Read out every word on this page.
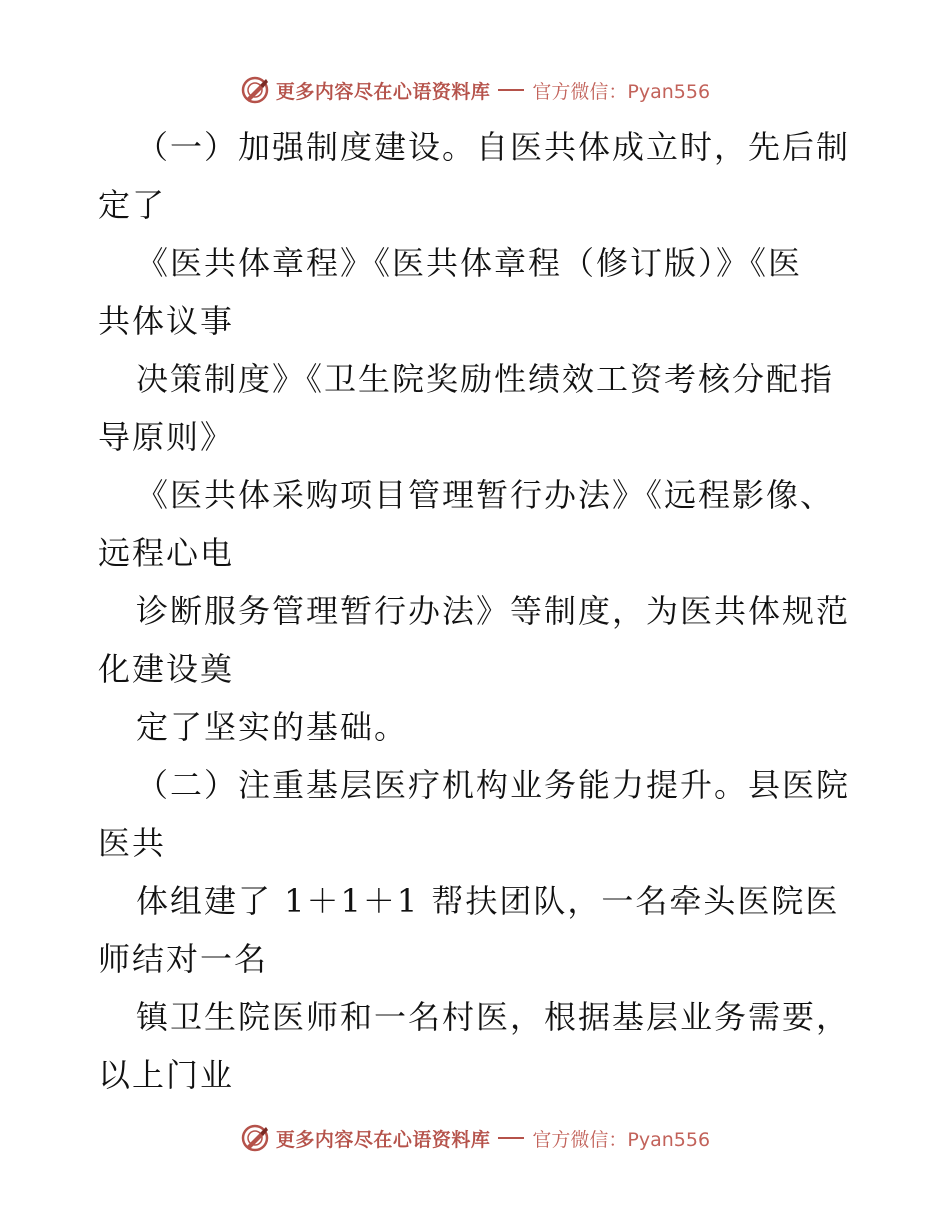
更多内容尽在心语资料库 官方微信：Pyan556
（一）加强制度建设。自医共体成立时，先后制
定了
《医共体章程》《医共体章程（修订版）》《医
共体议事
决策制度》《卫生院奖励性绩效工资考核分配指
导原则》
《医共体采购项目管理暂行办法》《远程影像、
远程心电
诊断服务管理暂行办法》等制度，为医共体规范
化建设奠
定了坚实的基础。
（二）注重基层医疗机构业务能力提升。县医院
医共
体组建了 1＋1＋1 帮扶团队，一名牵头医院医
师结对一名
镇卫生院医师和一名村医，根据基层业务需要，
以上门业
更多内容尽在心语资料库 官方微信：Pyan556
